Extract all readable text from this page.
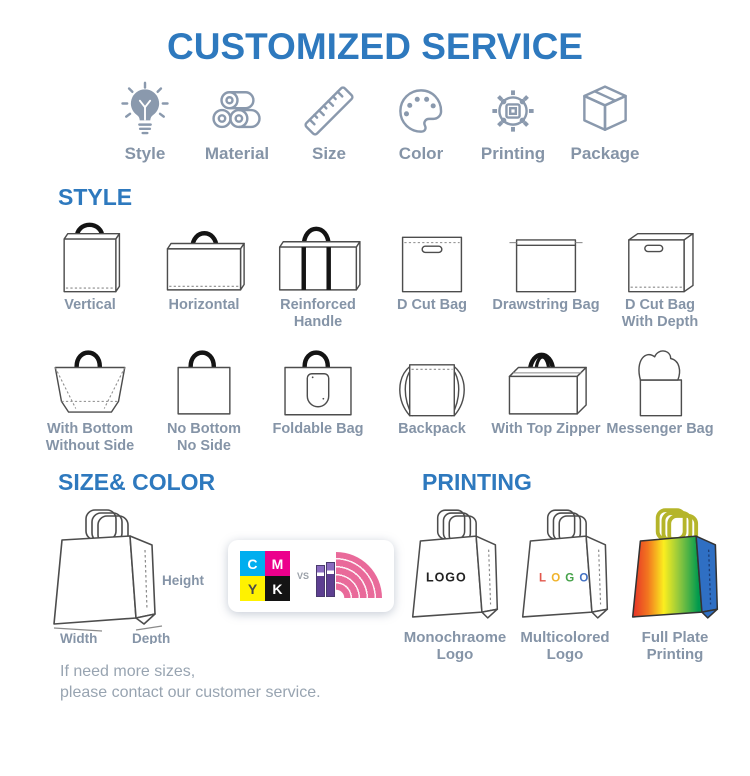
CUSTOMIZED SERVICE
Style Material	Size	Color Printing Package
STYLE
Vertical	Horizontal	Reinforced
Handle
D Cut Bag Drawstring Bag D Cut Bag
With Depth
With Bottom
Without Side
No Bottom
No Side
Foldable Bag Backpack With Top Zipper Messenger Bag
SIZE& COLOR
Height
Width	Depth
C	M
Y	K
VS
If need more sizes,
please contact our customer service.
PRINTING
LOGO
Monochraome
Logo
L O G O
Multicolored
Logo
Full Plate
Printing
